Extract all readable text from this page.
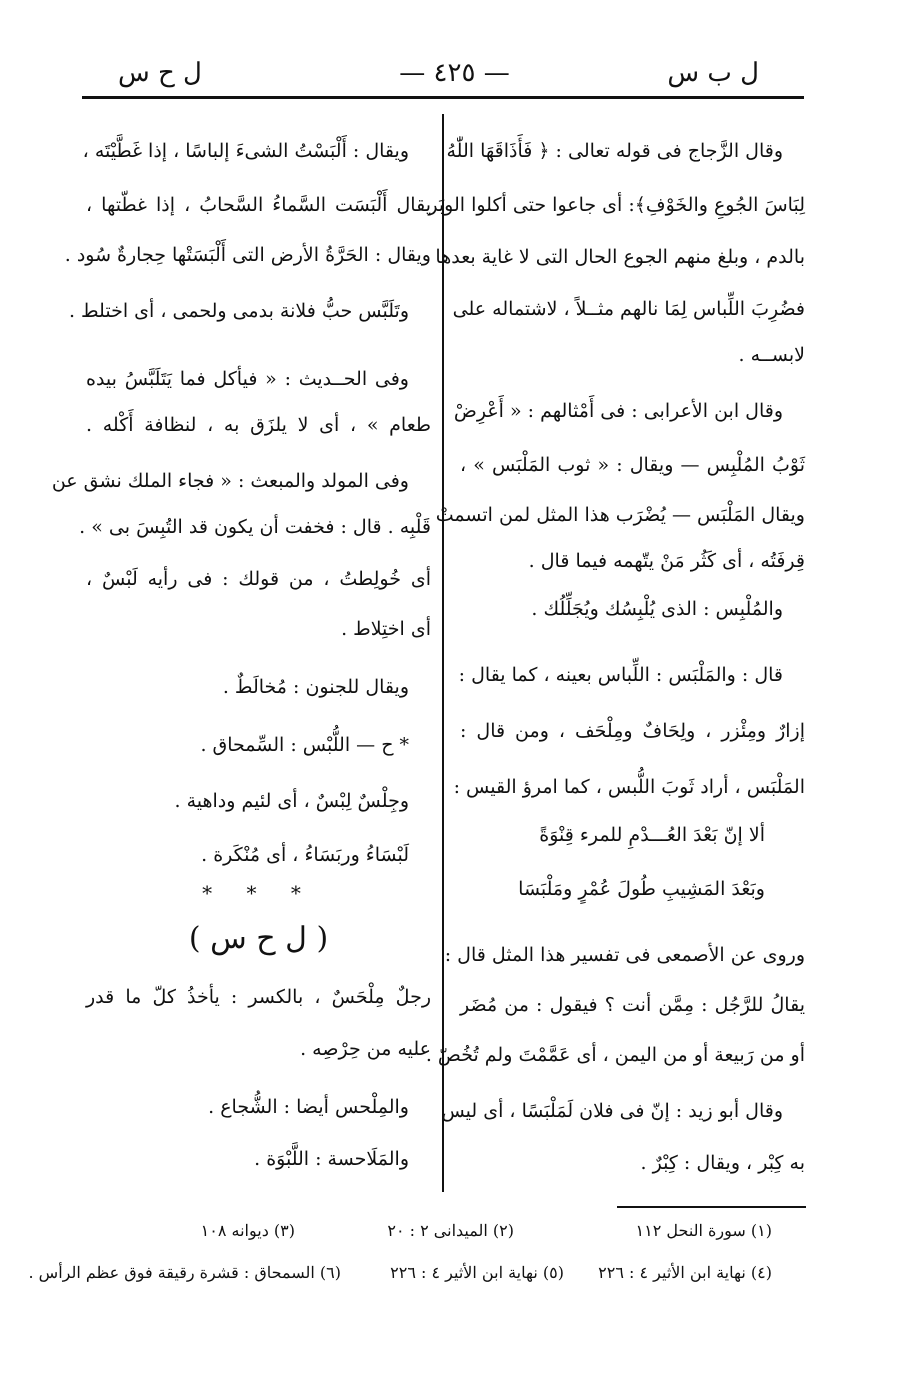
ل ب س
— ٤٢٥ —
ل ح س
وقال الزَّجاج فى قوله تعالى : ﴿ فَأَذَاقَهَا اللّٰهُ
لِبَاسَ الجُوعِ والخَوْفِ﴾: أى جاعوا حتى أكلوا الوبَر
بالدم ، وبلغ منهم الجوع الحال التى لا غاية بعدها
فضُرِبَ اللِّباس لِمَا نالهم مثــلاً ، لاشتماله على
لابســه .
وقال ابن الأعرابى : فى أَمْثالهم : « أَعْرِضْ
ثَوْبُ المُلْبِس — ويقال : « ثوب المَلْبَس » ،
ويقال المَلْبَس — يُضْرَب هذا المثل لمن اتسمتْ
قِرفَتُه ، أى كَثُر مَنْ يتّهمه فيما قال .
والمُلْبِس : الذى يُلْبِسُك ويُجَلِّلُك .
قال : والمَلْبَس : اللِّباس بعينه ، كما يقال :
إزارٌ ومِئْزر ، ولِحَافٌ ومِلْحَف ، ومن قال :
المَلْبَس ، أراد ثَوبَ اللُّبس ، كما امرؤ القيس :
ألا إنّ بَعْدَ العُـــدْمِ للمرء قِنْوَةً
وبَعْدَ المَشِيبِ طُولَ عُمْرٍ ومَلْبَسَا
وروى عن الأصمعى فى تفسير هذا المثل قال :
يقالُ للرَّجُل : مِمَّن أنت ؟ فيقول : من مُضَر
أو من رَبيعة أو من اليمن ، أى عَمَّمْتَ ولم تُخُصّ .
وقال أبو زيد : إنّ فى فلان لَمَلْبَسًا ، أى ليس
به كِبْر ، ويقال : كِبْرٌ .
ويقال : أَلْبَسْتُ الشىءَ إلباسًا ، إذا غَطَّيْتَه ،
يقال أَلْبَسَت السَّماءُ السَّحابُ ، إذا غطّتها ،
ويقال : الحَرَّةُ الأرض التى أَلْبَسَتْها حِجارةٌ سُود .
وتَلَبَّس حبُّ فلانة بدمى ولحمى ، أى اختلط .
وفى الحــديث : « فيأكل فما يَتَلَبَّسُ بيده
طعام » ، أى لا يلزَق به ، لنظافة أَكْله .
وفى المولد والمبعث : « فجاء الملك نشق عن
قَلْبِه . قال : فخفت أن يكون قد التُبِسَ بى » .
أى خُولِطتُ ، من قولك : فى رأيه لَبْسٌ ،
أى اختِلاط .
ويقال للجنون : مُخالَطٌ .
* ح — اللُّبْس : السِّمحاق .
وجِلْسٌ لِبْسٌ ، أى لئيم وداهية .
لَبْسَاءُ وربَسَاءُ ، أى مُنْكَرة .
* * *
( ل ح س )
رجلٌ مِلْحَسٌ ، بالكسر : يأخذُ كلّ ما قدر
عليه من حِرْصِه .
والمِلْحس أيضا : الشُّجاع .
والمَلَاحسة : اللَّبْوَة .
(١) سورة النحل ١١٢
(٢) الميدانى ٢ : ٢٠
(٣) ديوانه ١٠٨
(٤) نهاية ابن الأثير ٤ : ٢٢٦
(٥) نهاية ابن الأثير ٤ : ٢٢٦
(٦) السمحاق : قشرة رقيقة فوق عظم الرأس .
